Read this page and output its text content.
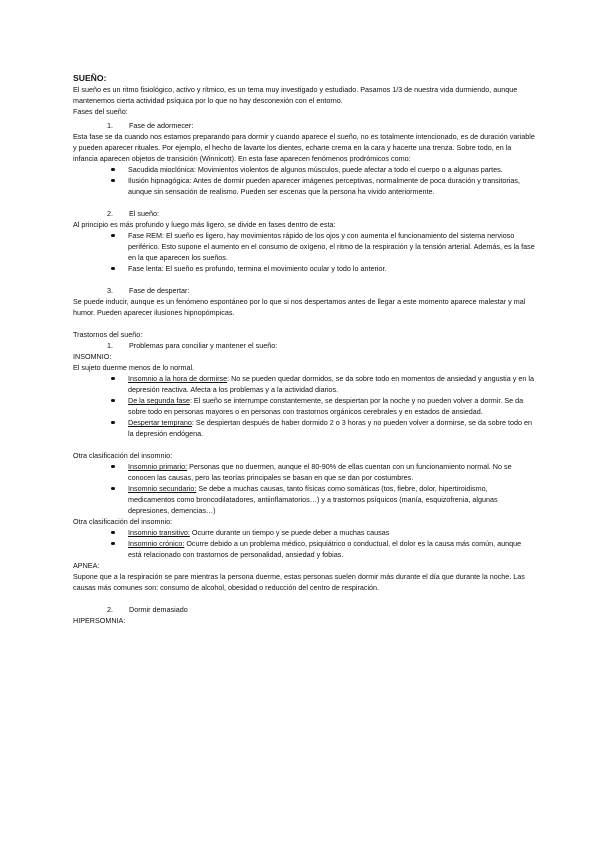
SUEÑO:

El sueño es un ritmo fisiológico, activo y rítmico, es un tema muy investigado y estudiado. Pasamos 1/3 de nuestra vida durmiendo, aunque mantenemos cierta actividad psíquica por lo que no hay desconexión con el entorno.

Fases del sueño:

1. Fase de adormecer:

Esta fase se da cuando nos estamos preparando para dormir y cuando aparece el sueño, no es totalmente intencionado, es de duración variable y pueden aparecer rituales. Por ejemplo, el hecho de lavarte los dientes, echarte crema en la cara y hacerte una trenza. Sobre todo, en la infancia aparecen objetos de transición (Winnicott). En esta fase aparecen fenómenos prodrómicos como:

Sacudida mioclónica: Movimientos violentos de algunos músculos, puede afectar a todo el cuerpo o a algunas partes.
Ilusión hipnagógica: Antes de dormir pueden aparecer imágenes perceptivas, normalmente de poca duración y transitorias, aunque sin sensación de realismo. Pueden ser escenas que la persona ha vivido anteriormente.

2. El sueño:

Al principio es más profundo y luego más ligero, se divide en fases dentro de esta:

Fase REM: El sueño es ligero, hay movimientos rápido de los ojos y con aumenta el funcionamiento del sistema nervioso periférico. Esto supone el aumento en el consumo de oxígeno, el ritmo de la respiración y la tensión arterial. Además, es la fase en la que aparecen los sueños.
Fase lenta: El sueño es profundo, termina el movimiento ocular y todo lo anterior.

3. Fase de despertar:

Se puede inducir, aunque es un fenómeno espontáneo por lo que si nos despertamos antes de llegar a este momento aparece malestar y mal humor. Pueden aparecer ilusiones hipnopómpicas.

Trastornos del sueño:

1. Problemas para conciliar y mantener el sueño:

INSOMNIO:

El sujeto duerme menos de lo normal.

Insomnio a la hora de dormirse: No se pueden quedar dormidos, se da sobre todo en momentos de ansiedad y angustia y en la depresión reactiva. Afecta a los problemas y a la actividad diarios.
De la segunda fase: El sueño se interrumpe constantemente, se despiertan por la noche y no pueden volver a dormir. Se da sobre todo en personas mayores o en personas con trastornos orgánicos cerebrales y en estados de ansiedad.
Despertar temprano: Se despiertan después de haber dormido 2 o 3 horas y no pueden volver a dormirse, se da sobre todo en la depresión endógena.

Otra clasificación del insomnio:

Insomnio primario: Personas que no duermen, aunque el 80-90% de ellas cuentan con un funcionamiento normal. No se conocen las causas, pero las teorías principales se basan en que se dan por costumbres.
Insomnio secundario: Se debe a muchas causas, tanto físicas como somáticas (tos, fiebre, dolor, hipertiroidismo, medicamentos como broncodilatadores, antiinflamatorios…) y a trastornos psíquicos (manía, esquizofrenia, algunas depresiones, demencias…)

Otra clasificación del insomnio:

Insomnio transitivo: Ocurre durante un tiempo y se puede deber a muchas causas
Insomnio crónico: Ocurre debido a un problema médico, psiquiátrico o conductual, el dolor es la causa más común, aunque está relacionado con trastornos de personalidad, ansiedad y fobias.

APNEA:

Supone que a la respiración se pare mientras la persona duerme, estas personas suelen dormir más durante el día que durante la noche. Las causas más comunes son: consumo de alcohol, obesidad o reducción del centro de respiración.

2. Dormir demasiado

HIPERSOMNIA:
